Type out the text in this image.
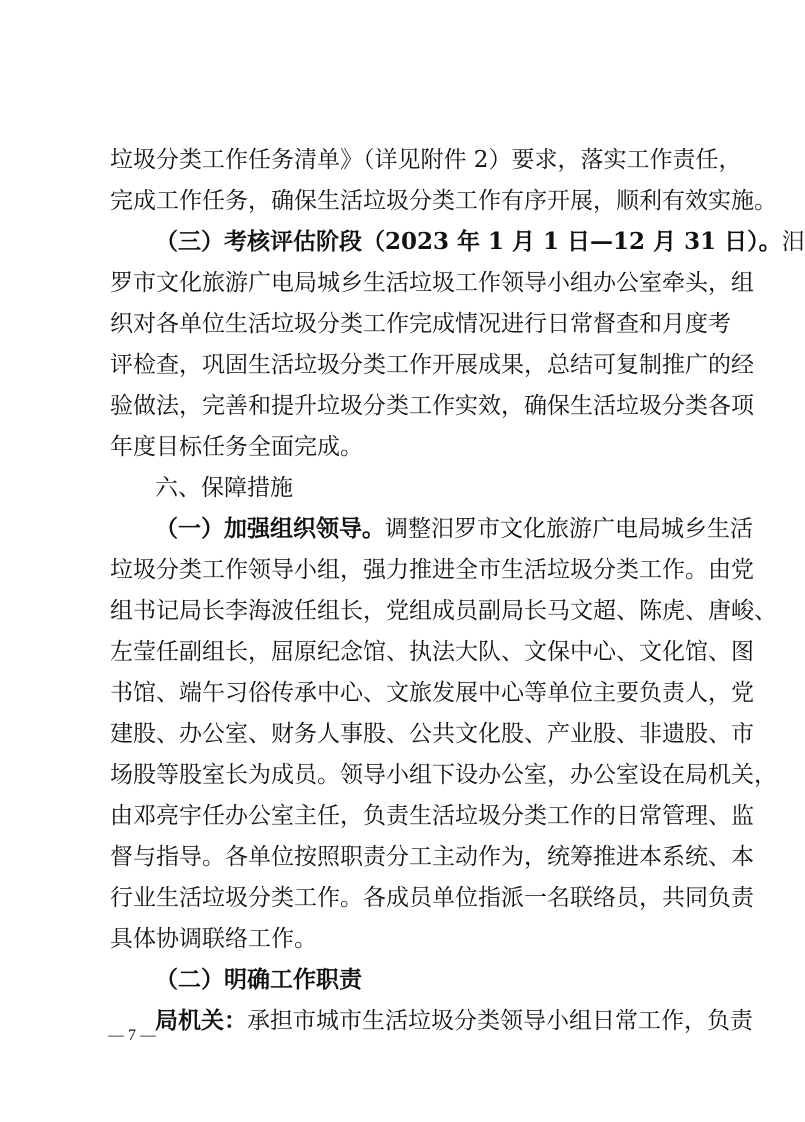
垃圾分类工作任务清单》（详见附件 2）要求，落实工作责任，
完成工作任务，确保生活垃圾分类工作有序开展，顺利有效实施。
（三）考核评估阶段（2023 年 1 月 1 日—12 月 31 日）。汨
罗市文化旅游广电局城乡生活垃圾工作领导小组办公室牵头，组
织对各单位生活垃圾分类工作完成情况进行日常督查和月度考
评检查，巩固生活垃圾分类工作开展成果，总结可复制推广的经
验做法，完善和提升垃圾分类工作实效，确保生活垃圾分类各项
年度目标任务全面完成。
六、保障措施
（一）加强组织领导。调整汨罗市文化旅游广电局城乡生活
垃圾分类工作领导小组，强力推进全市生活垃圾分类工作。由党
组书记局长李海波任组长，党组成员副局长马文超、陈虎、唐峻、
左莹任副组长，屈原纪念馆、执法大队、文保中心、文化馆、图
书馆、端午习俗传承中心、文旅发展中心等单位主要负责人，党
建股、办公室、财务人事股、公共文化股、产业股、非遗股、市
场股等股室长为成员。领导小组下设办公室，办公室设在局机关，
由邓亮宇任办公室主任，负责生活垃圾分类工作的日常管理、监
督与指导。各单位按照职责分工主动作为，统筹推进本系统、本
行业生活垃圾分类工作。各成员单位指派一名联络员，共同负责
具体协调联络工作。
（二）明确工作职责
局机关：承担市城市生活垃圾分类领导小组日常工作，负责
— 7 —
